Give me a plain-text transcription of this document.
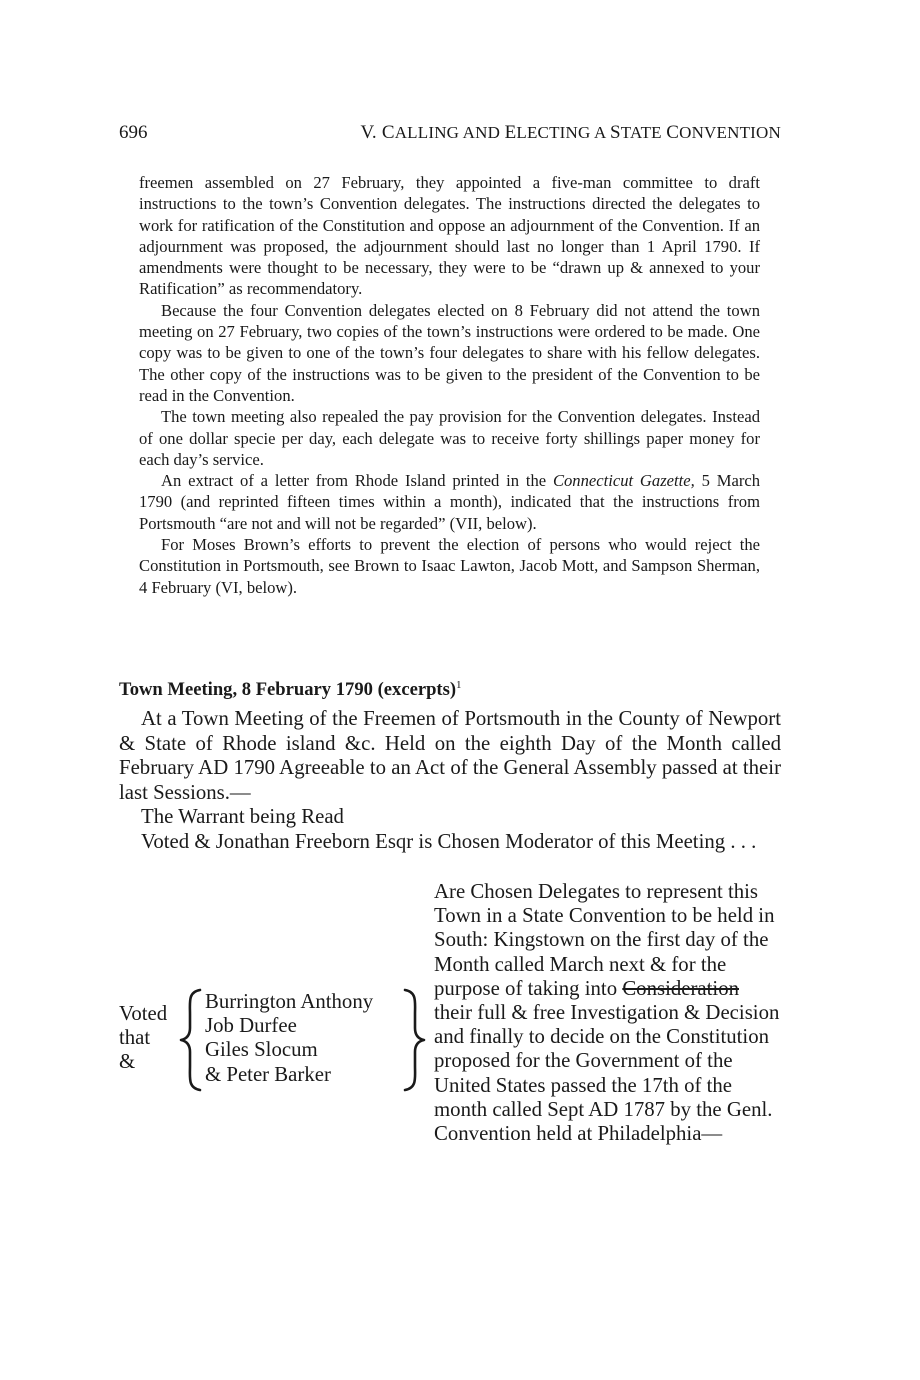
696	V. CALLING AND ELECTING A STATE CONVENTION

freemen assembled on 27 February, they appointed a five-man committee to draft instructions to the town’s Convention delegates. The instructions directed the delegates to work for ratification of the Constitution and oppose an adjournment of the Convention. If an adjournment was proposed, the adjournment should last no longer than 1 April 1790. If amendments were thought to be necessary, they were to be “drawn up & annexed to your Ratification” as recommendatory.

Because the four Convention delegates elected on 8 February did not attend the town meeting on 27 February, two copies of the town’s instructions were ordered to be made. One copy was to be given to one of the town’s four delegates to share with his fellow delegates. The other copy of the instructions was to be given to the president of the Convention to be read in the Convention.

The town meeting also repealed the pay provision for the Convention delegates. Instead of one dollar specie per day, each delegate was to receive forty shillings paper money for each day’s service.

An extract of a letter from Rhode Island printed in the Connecticut Gazette, 5 March 1790 (and reprinted fifteen times within a month), indicated that the instructions from Portsmouth “are not and will not be regarded” (VII, below).

For Moses Brown’s efforts to prevent the election of persons who would reject the Constitution in Portsmouth, see Brown to Isaac Lawton, Jacob Mott, and Sampson Sherman, 4 February (VI, below).

Town Meeting, 8 February 1790 (excerpts)$^1$

At a Town Meeting of the Freemen of Portsmouth in the County of Newport & State of Rhode island &c. Held on the eighth Day of the Month called February AD 1790 Agreeable to an Act of the General Assembly passed at their last Sessions.—

The Warrant being Read

Voted & Jonathan Freeborn Esqr is Chosen Moderator of this Meeting . . .

Voted
that
&
Burrington Anthony
Job Durfee
Giles Slocum
& Peter Barker
Are Chosen Delegates to represent this Town in a State Convention to be held in South: Kingstown on the first day of the Month called March next & for the purpose of taking into Consideration their full & free Investigation & Decision and finally to decide on the Constitution proposed for the Government of the United States passed the 17th of the month called Sept AD 1787 by the Genl. Convention held at Philadelphia—
